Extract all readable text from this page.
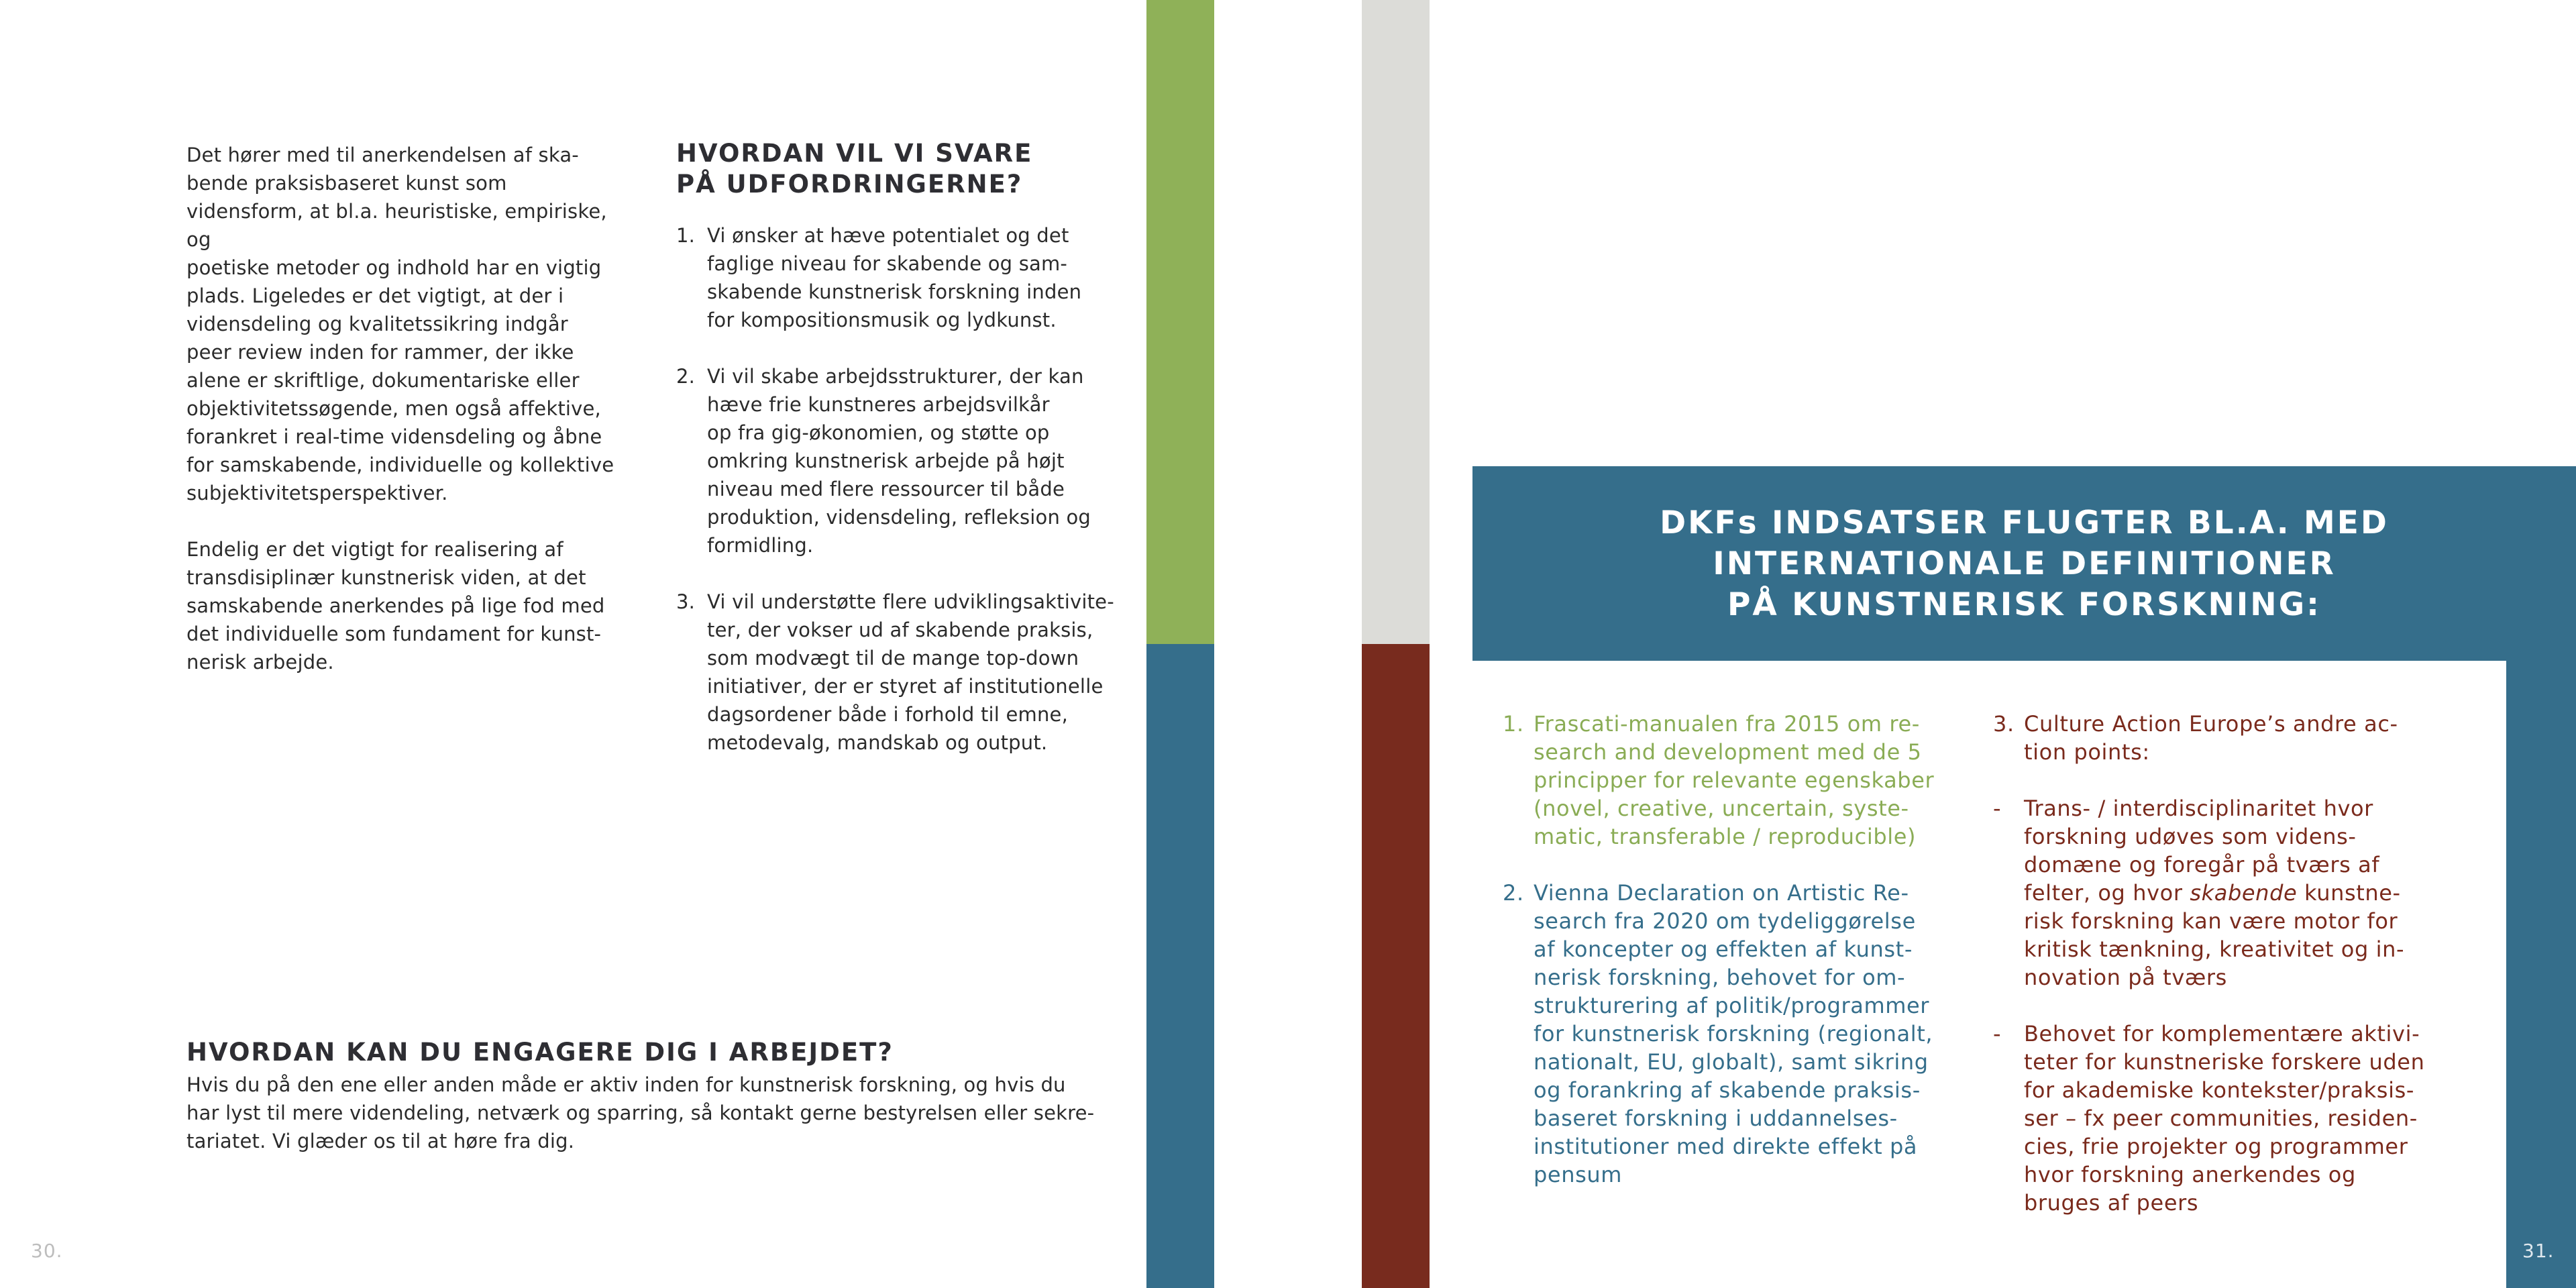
Det hører med til anerkendelsen af ska-
bende praksisbaseret kunst som vidensform, at bl.a. heuristiske, empiriske, og
poetiske metoder og indhold har en vigtig
plads. Ligeledes er det vigtigt, at der i
vidensdeling og kvalitetssikring indgår
peer review inden for rammer, der ikke
alene er skriftlige, dokumentariske eller
objektivitetssøgende, men også affektive,
forankret i real-time vidensdeling og åbne
for samskabende, individuelle og kollektive
subjektivitetsperspektiver.

Endelig er det vigtigt for realisering af
transdisiplinær kunstnerisk viden, at det
samskabende anerkendes på lige fod med
det individuelle som fundament for kunst-
nerisk arbejde.

HVORDAN VIL VI SVARE
PÅ UDFORDRINGERNE?
1. Vi ønsker at hæve potentialet og det
faglige niveau for skabende og sam-
skabende kunstnerisk forskning inden
for kompositionsmusik og lydkunst.
2. Vi vil skabe arbejdsstrukturer, der kan
hæve frie kunstneres arbejdsvilkår
op fra gig-økonomien, og støtte op
omkring kunstnerisk arbejde på højt
niveau med flere ressourcer til både
produktion, vidensdeling, refleksion og
formidling.
3. Vi vil understøtte flere udviklingsaktivite-
ter, der vokser ud af skabende praksis,
som modvægt til de mange top-down
initiativer, der er styret af institutionelle
dagsordener både i forhold til emne,
metodevalg, mandskab og output.
HVORDAN KAN DU ENGAGERE DIG I ARBEJDET?

Hvis du på den ene eller anden måde er aktiv inden for kunstnerisk forskning, og hvis du
har lyst til mere videndeling, netværk og sparring, så kontakt gerne bestyrelsen eller sekre-
tariatet. Vi glæder os til at høre fra dig.

30.
DKFs INDSATSER FLUGTER BL.A. MED
INTERNATIONALE DEFINITIONER
PÅ KUNSTNERISK FORSKNING:
1. Frascati-manualen fra 2015 om re-
search and development med de 5
principper for relevante egenskaber
(novel, creative, uncertain, syste-
matic, transferable / reproducible)
2. Vienna Declaration on Artistic Re-
search fra 2020 om tydeliggørelse
af koncepter og effekten af kunst-
nerisk forskning, behovet for om-
strukturering af politik/programmer
for kunstnerisk forskning (regionalt,
nationalt, EU, globalt), samt sikring
og forankring af skabende praksis-
baseret forskning i uddannelses-
institutioner med direkte effekt på
pensum
3. Culture Action Europe’s andre ac-
tion points:
- Trans- / interdisciplinaritet hvor
forskning udøves som videns-
domæne og foregår på tværs af
felter, og hvor skabende kunstne-
risk forskning kan være motor for
kritisk tænkning, kreativitet og in-
novation på tværs
- Behovet for komplementære aktivi-
teter for kunstneriske forskere uden
for akademiske kontekster/praksis-
ser – fx peer communities, residen-
cies, frie projekter og programmer
hvor forskning anerkendes og
bruges af peers
31.
